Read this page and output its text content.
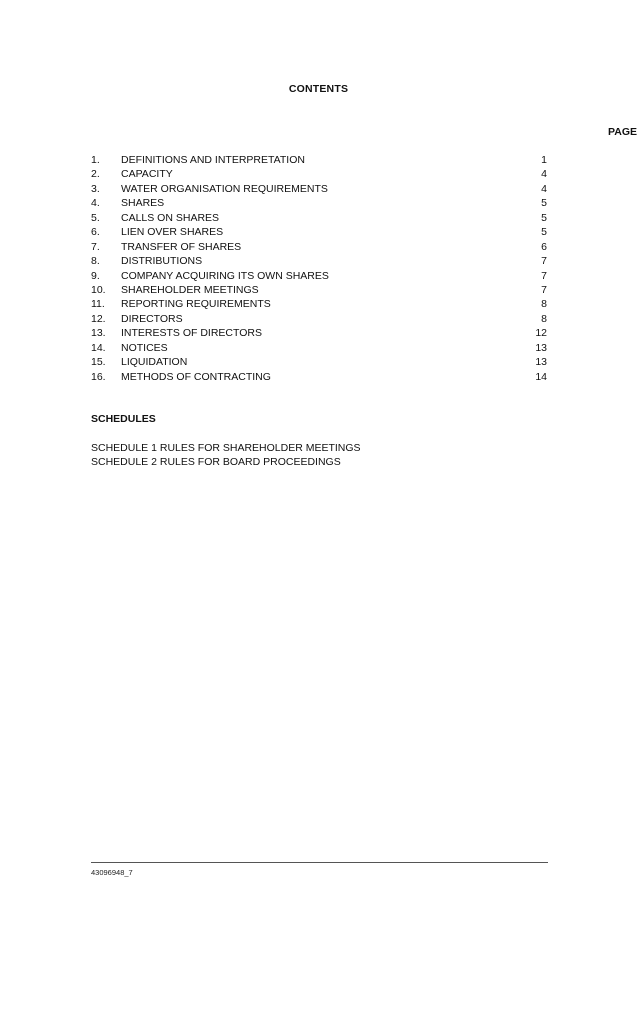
CONTENTS
PAGE
1.	DEFINITIONS AND INTERPRETATION	1
2.	CAPACITY	4
3.	WATER ORGANISATION REQUIREMENTS	4
4.	SHARES	5
5.	CALLS ON SHARES	5
6.	LIEN OVER SHARES	5
7.	TRANSFER OF SHARES	6
8.	DISTRIBUTIONS	7
9.	COMPANY ACQUIRING ITS OWN SHARES	7
10.	SHAREHOLDER MEETINGS	7
11.	REPORTING REQUIREMENTS	8
12.	DIRECTORS	8
13.	INTERESTS OF DIRECTORS	12
14.	NOTICES	13
15.	LIQUIDATION	13
16.	METHODS OF CONTRACTING	14
SCHEDULES
SCHEDULE 1 RULES FOR SHAREHOLDER MEETINGS
SCHEDULE 2 RULES FOR BOARD PROCEEDINGS
43096948_7
